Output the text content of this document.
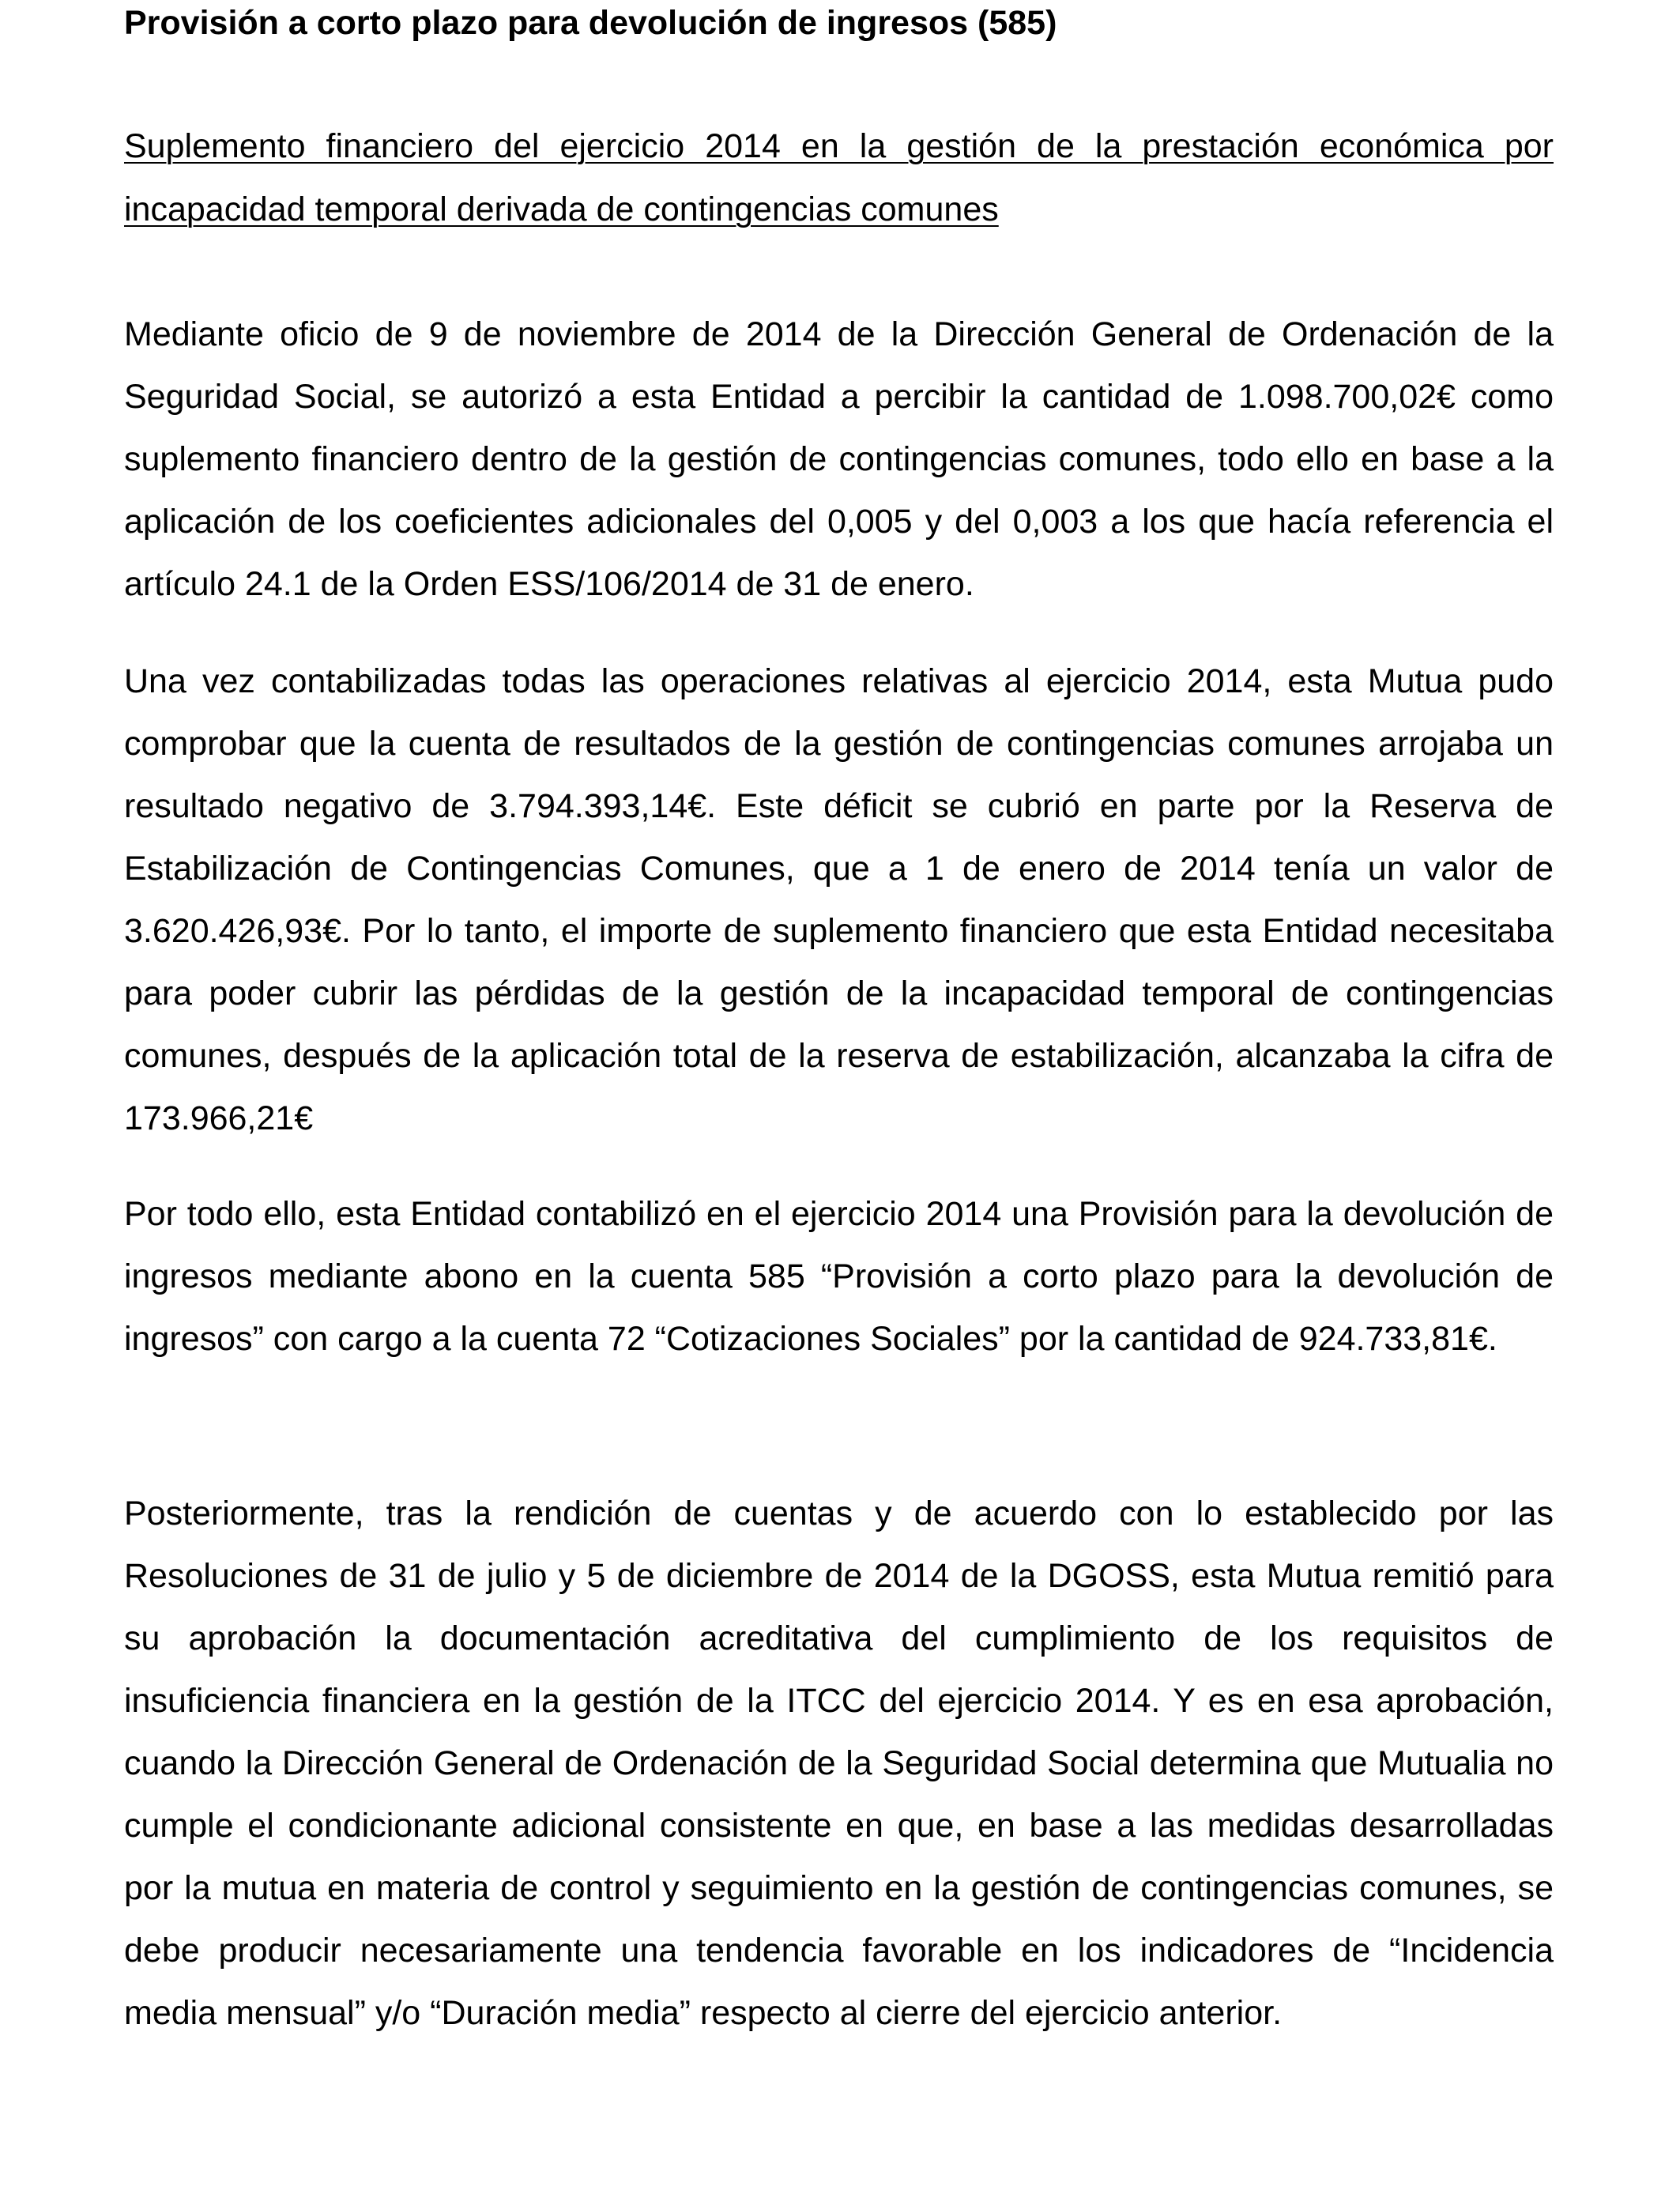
Provisión a corto plazo para devolución de ingresos (585)
Suplemento financiero del ejercicio 2014 en la gestión de la prestación económica por incapacidad temporal derivada de contingencias comunes

Mediante oficio de 9 de noviembre de 2014 de la Dirección General de Ordenación de la Seguridad Social, se autorizó a esta Entidad a percibir la cantidad de 1.098.700,02€ como suplemento financiero dentro de la gestión de contingencias comunes, todo ello en base a la aplicación de los coeficientes adicionales del 0,005 y del 0,003 a los que hacía referencia el artículo 24.1 de la Orden ESS/106/2014 de 31 de enero.

Una vez contabilizadas todas las operaciones relativas al ejercicio 2014, esta Mutua pudo comprobar que la cuenta de resultados de la gestión de contingencias comunes arrojaba un resultado negativo de 3.794.393,14€. Este déficit se cubrió en parte por la Reserva de Estabilización de Contingencias Comunes, que a 1 de enero de 2014 tenía un valor de 3.620.426,93€. Por lo tanto, el importe de suplemento financiero que esta Entidad necesitaba para poder cubrir las pérdidas de la gestión de la incapacidad temporal de contingencias comunes, después de la aplicación total de la reserva de estabilización, alcanzaba la cifra de 173.966,21€

Por todo ello, esta Entidad contabilizó en el ejercicio 2014 una Provisión para la devolución de ingresos mediante abono en la cuenta 585 “Provisión a corto plazo para la devolución de ingresos” con cargo a la cuenta 72 “Cotizaciones Sociales” por la cantidad de 924.733,81€.

Posteriormente, tras la rendición de cuentas y de acuerdo con lo establecido por las Resoluciones de 31 de julio y 5 de diciembre de 2014 de la DGOSS, esta Mutua remitió para su aprobación la documentación acreditativa del cumplimiento de los requisitos de insuficiencia financiera en la gestión de la ITCC del ejercicio 2014. Y es en esa aprobación, cuando la Dirección General de Ordenación de la Seguridad Social determina que Mutualia no cumple el condicionante adicional consistente en que, en base a las medidas desarrolladas por la mutua en materia de control y seguimiento en la gestión de contingencias comunes, se debe producir necesariamente una tendencia favorable en los indicadores de “Incidencia media mensual” y/o “Duración media” respecto al cierre del ejercicio anterior.
